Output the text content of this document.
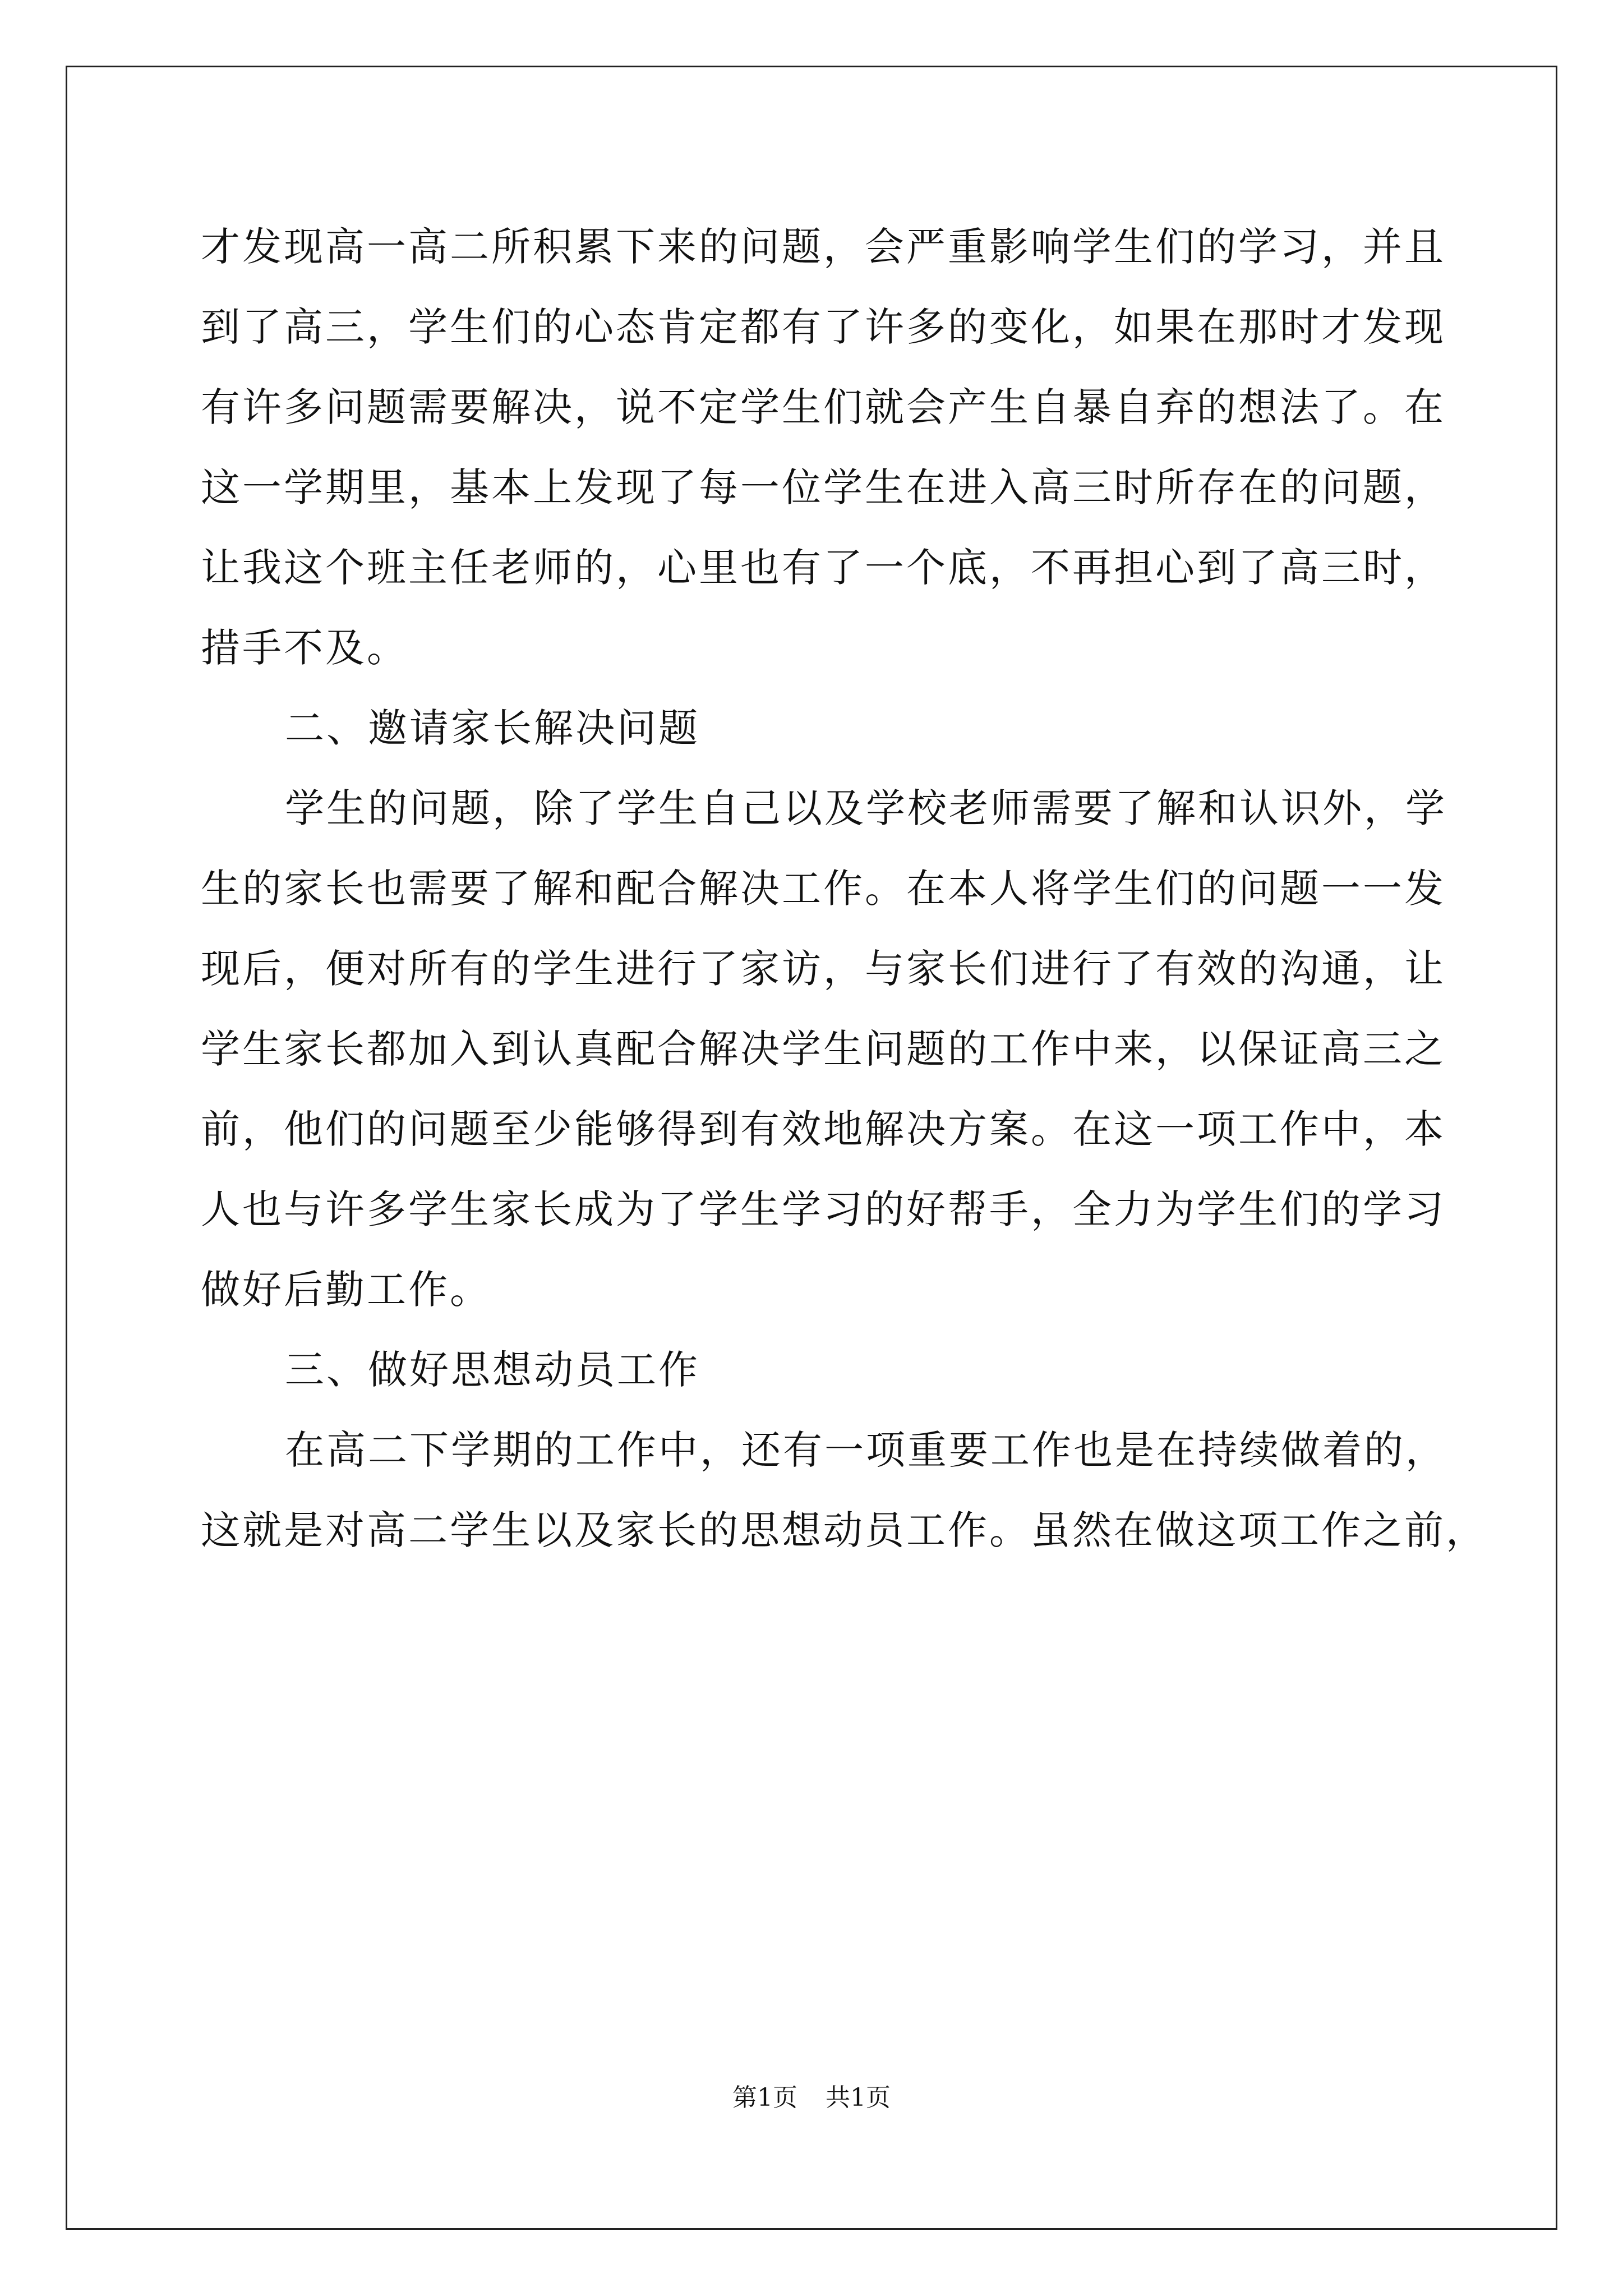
才发现高一高二所积累下来的问题，会严重影响学生们的学习，并且
到了高三，学生们的心态肯定都有了许多的变化，如果在那时才发现
有许多问题需要解决，说不定学生们就会产生自暴自弃的想法了。在
这一学期里，基本上发现了每一位学生在进入高三时所存在的问题，
让我这个班主任老师的，心里也有了一个底，不再担心到了高三时，
措手不及。
二、邀请家长解决问题
学生的问题，除了学生自己以及学校老师需要了解和认识外，学
生的家长也需要了解和配合解决工作。在本人将学生们的问题一一发
现后，便对所有的学生进行了家访，与家长们进行了有效的沟通，让
学生家长都加入到认真配合解决学生问题的工作中来，以保证高三之
前，他们的问题至少能够得到有效地解决方案。在这一项工作中，本
人也与许多学生家长成为了学生学习的好帮手，全力为学生们的学习
做好后勤工作。
三、做好思想动员工作
在高二下学期的工作中，还有一项重要工作也是在持续做着的，
这就是对高二学生以及家长的思想动员工作。虽然在做这项工作之前，
第1页 共1页
